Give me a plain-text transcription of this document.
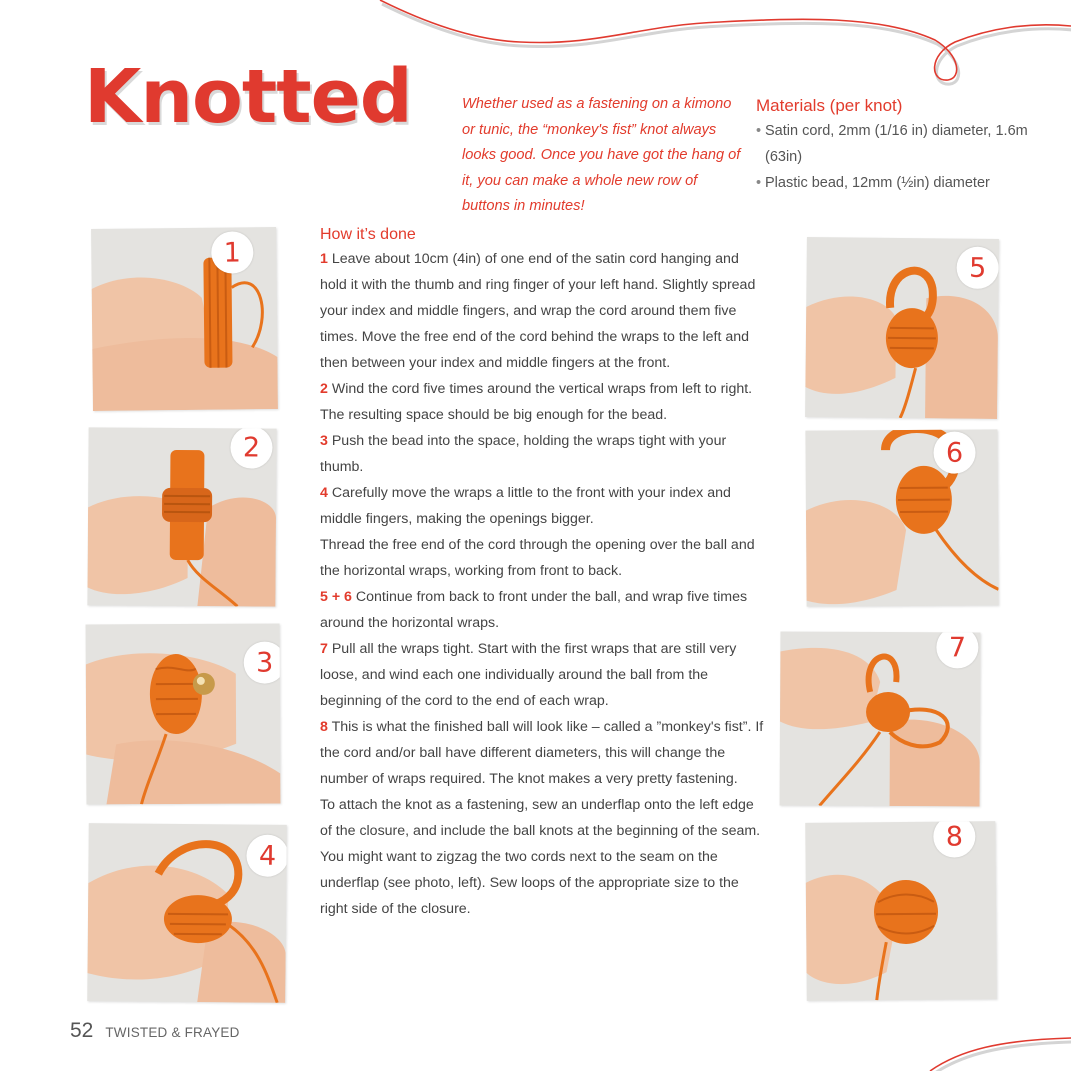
Knotted	Whether used as a fastening on a kimono or tunic, the “monkey's fist” knot always looks good. Once you have got the hang of it, you can make a whole new row of buttons in minutes!

Materials (per knot)
• Satin cord, 2mm (1/16 in) diameter, 1.6m (63in)
• Plastic bead, 12mm (½in) diameter
How it’s done

1 Leave about 10cm (4in) of one end of the satin cord hanging and hold it with the thumb and ring finger of your left hand. Slightly spread your index and middle fingers, and wrap the cord around them five times. Move the free end of the cord behind the wraps to the left and then between your index and middle fingers at the front.

2 Wind the cord five times around the vertical wraps from left to right. The resulting space should be big enough for the bead.

3 Push the bead into the space, holding the wraps tight with your thumb.

4 Carefully move the wraps a little to the front with your index and middle fingers, making the openings bigger.

Thread the free end of the cord through the opening over the ball and the horizontal wraps, working from front to back.

5 + 6 Continue from back to front under the ball, and wrap five times around the horizontal wraps.

7 Pull all the wraps tight. Start with the first wraps that are still very loose, and wind each one individually around the ball from the beginning of the cord to the end of each wrap.

8 This is what the finished ball will look like – called a ”monkey's fist”. If the cord and/or ball have different diameters, this will change the number of wraps required. The knot makes a very pretty fastening.

To attach the knot as a fastening, sew an underflap onto the left edge of the closure, and include the ball knots at the beginning of the seam. You might want to zigzag the two cords next to the seam on the underflap (see photo, left). Sew loops of the appropriate size to the right side of the closure.

1
2
3
4
5
6
7
8
52 TWISTED & FRAYED
